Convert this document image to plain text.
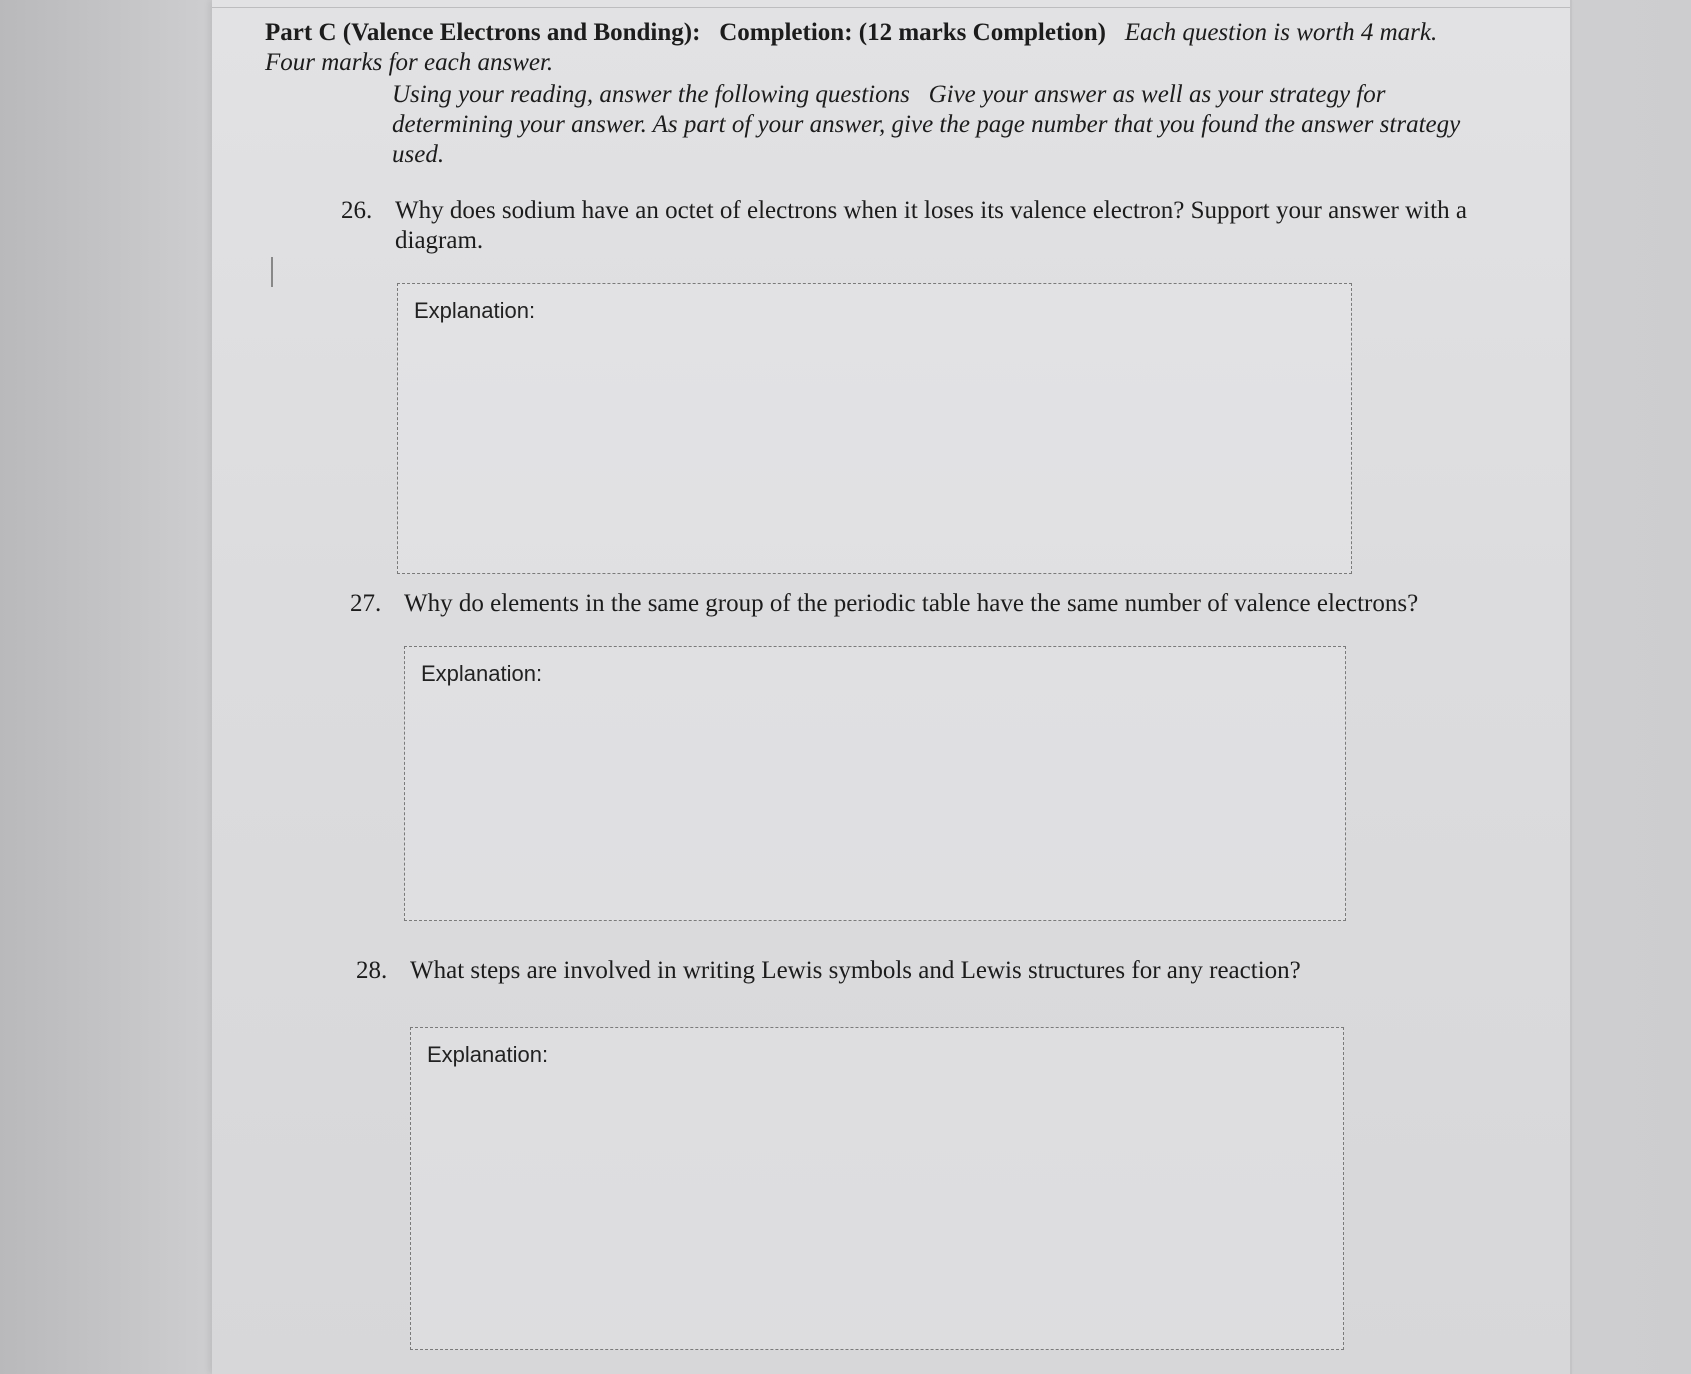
Part C (Valence Electrons and Bonding): Completion: (12 marks Completion) Each question is worth 4 mark.
Four marks for each answer.
Using your reading, answer the following questions   Give your answer as well as your strategy for
determining your answer. As part of your answer, give the page number that you found the answer strategy
used.
26. Why does sodium have an octet of electrons when it loses its valence electron? Support your answer with a
diagram.
Explanation:
27. Why do elements in the same group of the periodic table have the same number of valence electrons?
Explanation:
28. What steps are involved in writing Lewis symbols and Lewis structures for any reaction?
Explanation:
